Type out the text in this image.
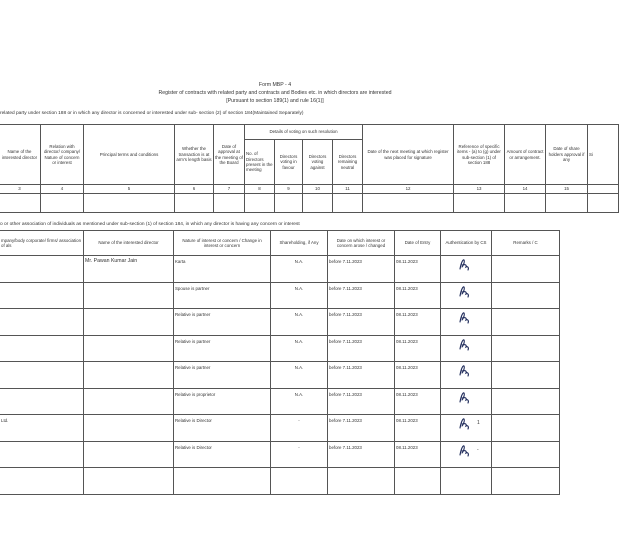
Form MBP - 4
Register of contracts with related party and contracts and Bodies etc. in which directors are interested
[Pursuant to section 189(1) and rule 16(1)]
related party under section 188 or in which any director is concerned or interested under sub- section (2) of section 184(Maintained Separately)
Name of the interested director	Relation with director/ company/ Nature of concern or interest	Principal terms and conditions	Whether the transaction is at arm's length basis	Date of approval at the meeting of the Board	Details of voting on such resolution				Date of the next meeting at which register was placed for signature	Reference of specific items - (a) to (g) under sub-section (1) of section 188	Amount of contract or arrangement.	Date of share holders approval if any	Si
					No. of Directors present in the meeting	Directors voting in favour	Directors voting against	Directors remaining neutral					
3	4	5	6	7	8	9	10	11	12	13	14	15	

o or other association of individuals as mentioned under sub-section (1) of section 184, in which any director is having any concern or interest
mpany/body corporate/ firms/ association of als	Name of the interested director	Nature of interest or concern / Change in interest or concern	Shareholding, if Any	Date on which interest or concern arose / changed	Date of Entry	Authentication by CS	Remarks / C
	Mr. Pawan Kumar Jain	Karta	N.A.	before 7.11.2023	08.11.2023	

		Spouse is partner	N.A.	before 7.11.2023	08.11.2023	

		Relative is partner	N.A.	before 7.11.2023	08.11.2023	

		Relative is partner	N.A.	before 7.11.2023	08.11.2023	

		Relative is partner	N.A.	before 7.11.2023	08.11.2023	

		Relative is proprietor	N.A.	before 7.11.2023	08.11.2023	

Ltd.		Relative is Director	-	before 7.11.2023	08.11.2023	1	

		Relative is Director	-	before 7.11.2023	08.11.2023	-	
